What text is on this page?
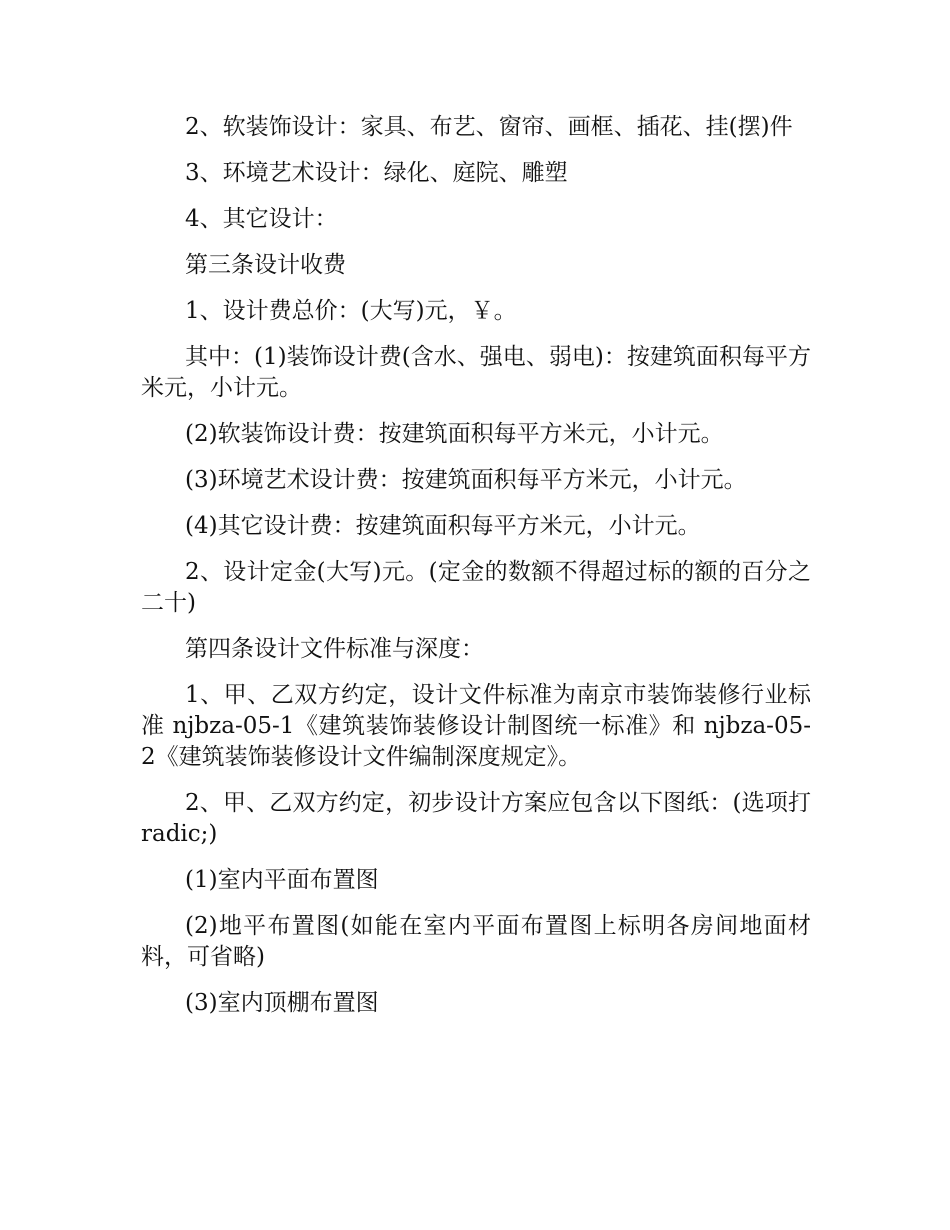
2、软装饰设计：家具、布艺、窗帘、画框、插花、挂(摆)件

3、环境艺术设计：绿化、庭院、雕塑

4、其它设计：

第三条设计收费

1、设计费总价：(大写)元，￥。

其中：(1)装饰设计费(含水、强电、弱电)：按建筑面积每平方米元，小计元。

(2)软装饰设计费：按建筑面积每平方米元，小计元。

(3)环境艺术设计费：按建筑面积每平方米元，小计元。

(4)其它设计费：按建筑面积每平方米元，小计元。

2、设计定金(大写)元。(定金的数额不得超过标的额的百分之二十)

第四条设计文件标准与深度：

1、甲、乙双方约定，设计文件标准为南京市装饰装修行业标准 njbza-05-1《建筑装饰装修设计制图统一标准》和 njbza-05-2《建筑装饰装修设计文件编制深度规定》。

2、甲、乙双方约定，初步设计方案应包含以下图纸：(选项打 radic;)

(1)室内平面布置图

(2)地平布置图(如能在室内平面布置图上标明各房间地面材料，可省略)

(3)室内顶棚布置图
